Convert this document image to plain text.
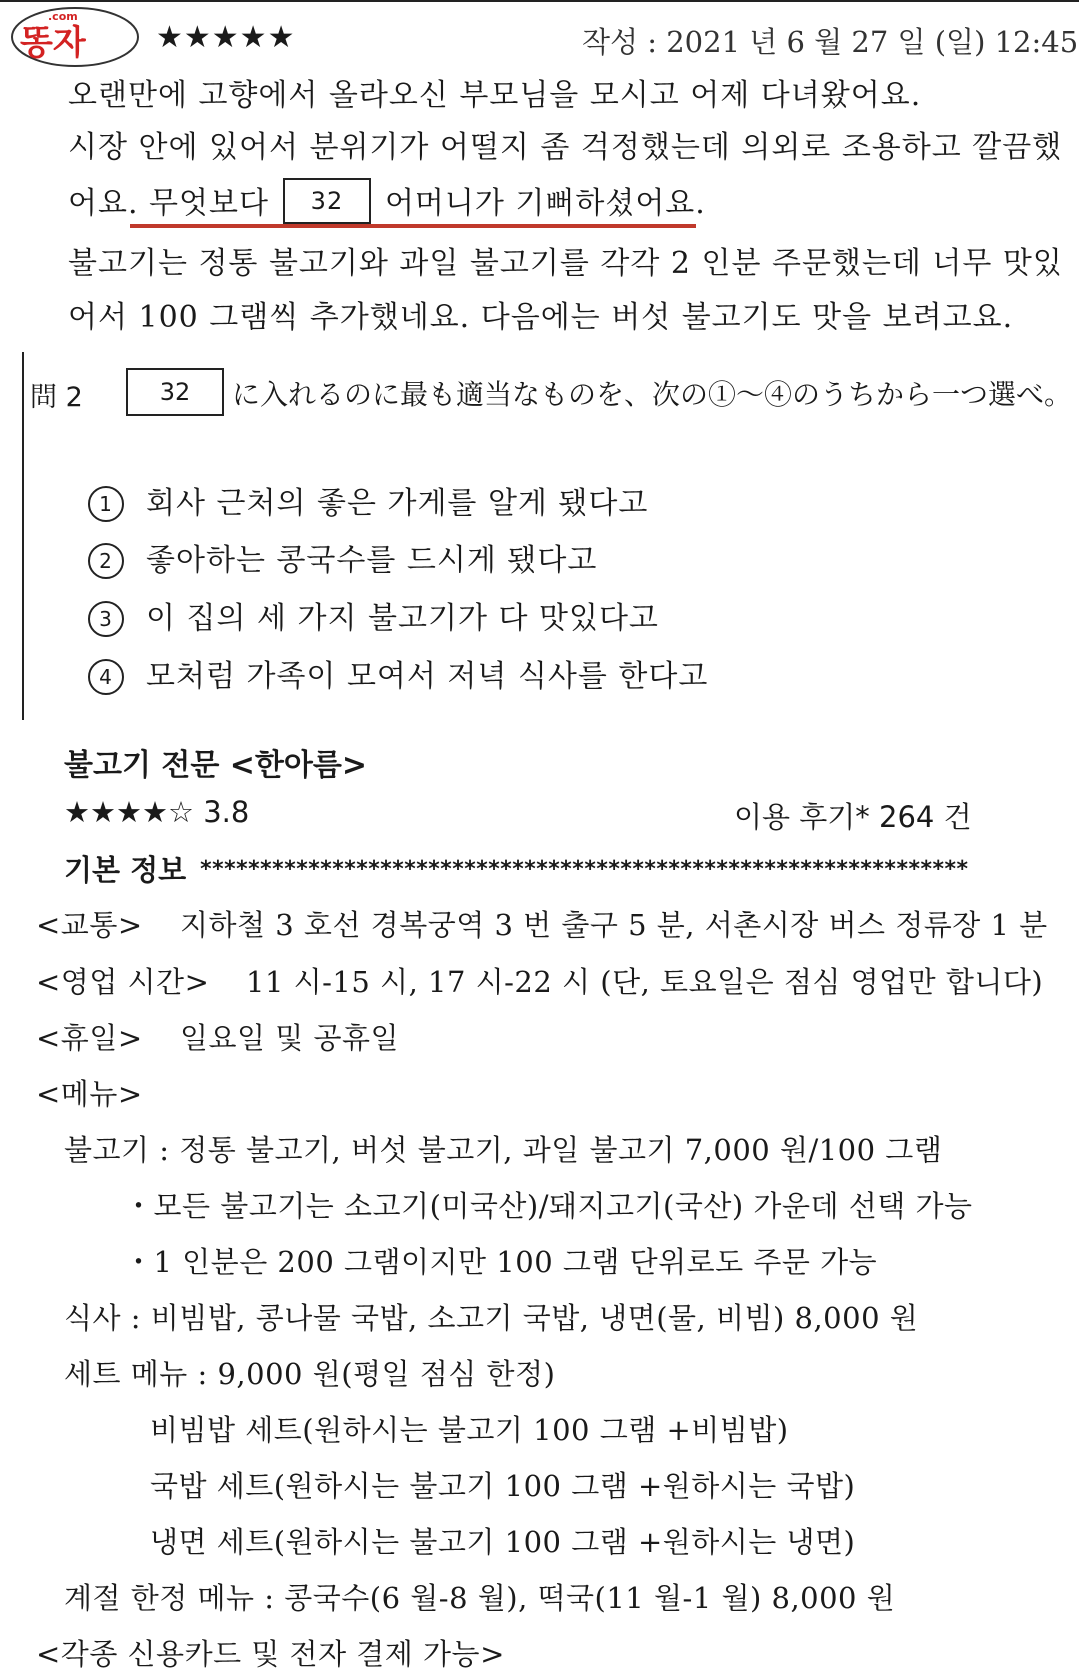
.com
똥자 ★★★★★	작성 : 2021 년 6 월 27 일 (일) 12:45
오랜만에 고향에서 올라오신 부모님을 모시고 어제 다녀왔어요.
시장 안에 있어서 분위기가 어떨지 좀 걱정했는데 의외로 조용하고 깔끔했
어요. 무엇보다 32 어머니가 기뻐하셨어요.
불고기는 정통 불고기와 과일 불고기를 각각 2 인분 주문했는데 너무 맛있
어서 100 그램씩 추가했네요. 다음에는 버섯 불고기도 맛을 보려고요.
問 2	32	に入れるのに最も適当なものを、次の①～④のうちから一つ選べ。
1 회사 근처의 좋은 가게를 알게 됐다고
2 좋아하는 콩국수를 드시게 됐다고
3 이 집의 세 가지 불고기가 다 맛있다고
4 모처럼 가족이 모여서 저녁 식사를 한다고
불고기 전문 <한아름>
★★★★☆ 3.8	이용 후기* 264 건
기본 정보 ****************************************************************
<교통> 지하철 3 호선 경복궁역 3 번 출구 5 분, 서촌시장 버스 정류장 1 분
<영업 시간> 11 시-15 시, 17 시-22 시 (단, 토요일은 점심 영업만 합니다)
<휴일> 일요일 및 공휴일
<메뉴>
불고기 : 정통 불고기, 버섯 불고기, 과일 불고기 7,000 원/100 그램
・모든 불고기는 소고기(미국산)/돼지고기(국산) 가운데 선택 가능
・1 인분은 200 그램이지만 100 그램 단위로도 주문 가능
식사 : 비빔밥, 콩나물 국밥, 소고기 국밥, 냉면(물, 비빔) 8,000 원
세트 메뉴 : 9,000 원(평일 점심 한정)
비빔밥 세트(원하시는 불고기 100 그램 +비빔밥)
국밥 세트(원하시는 불고기 100 그램 +원하시는 국밥)
냉면 세트(원하시는 불고기 100 그램 +원하시는 냉면)
계절 한정 메뉴 : 콩국수(6 월-8 월), 떡국(11 월-1 월) 8,000 원
<각종 신용카드 및 전자 결제 가능>
